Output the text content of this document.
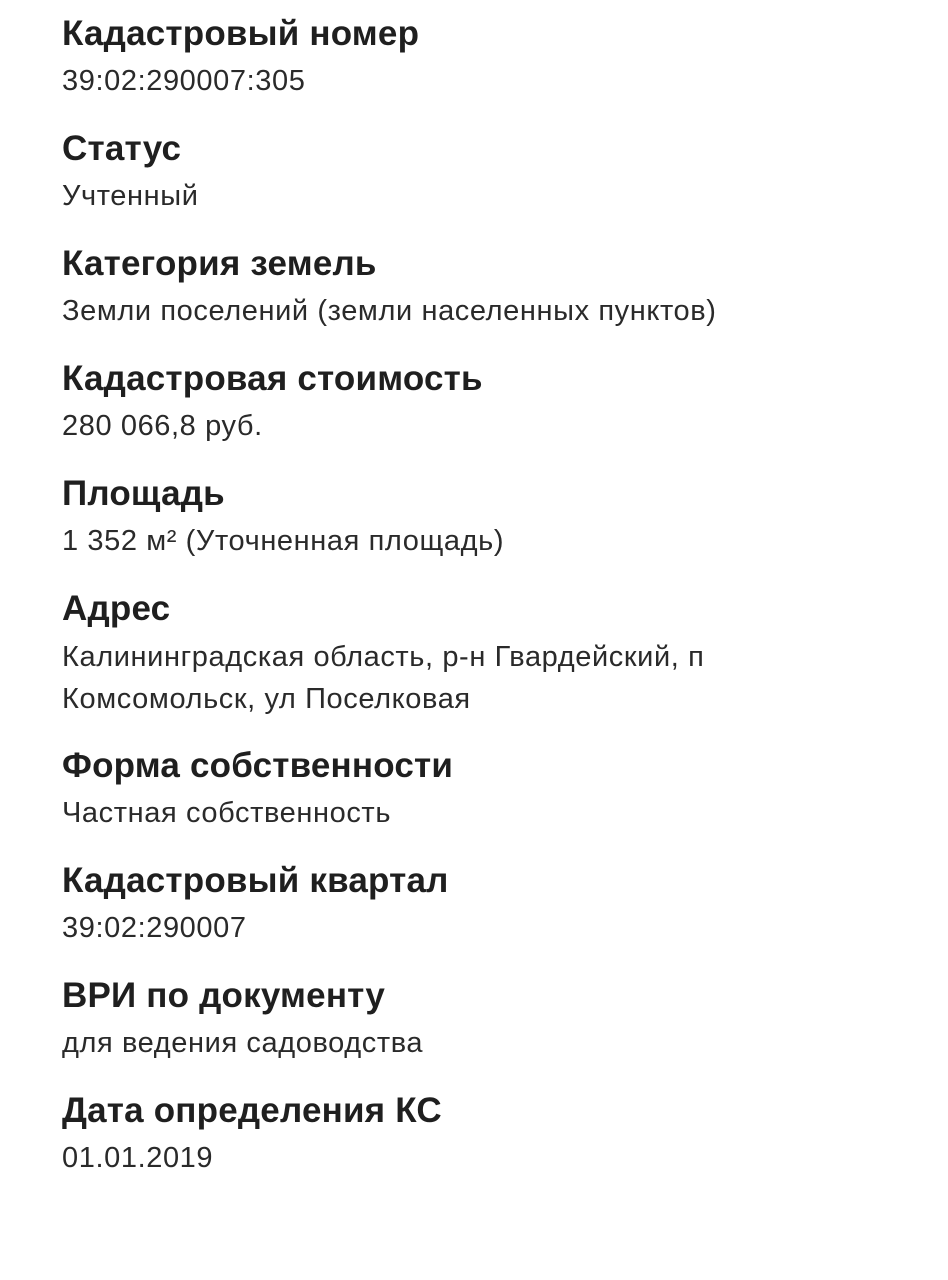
Кадастровый номер
39:02:290007:305
Статус
Учтенный
Категория земель
Земли поселений (земли населенных пунктов)
Кадастровая стоимость
280 066,8 руб.
Площадь
1 352 м² (Уточненная площадь)
Адрес
Калининградская область, р-н Гвардейский, п
Комсомольск, ул Поселковая
Форма собственности
Частная собственность
Кадастровый квартал
39:02:290007
ВРИ по документу
для ведения садоводства
Дата определения КС
01.01.2019
